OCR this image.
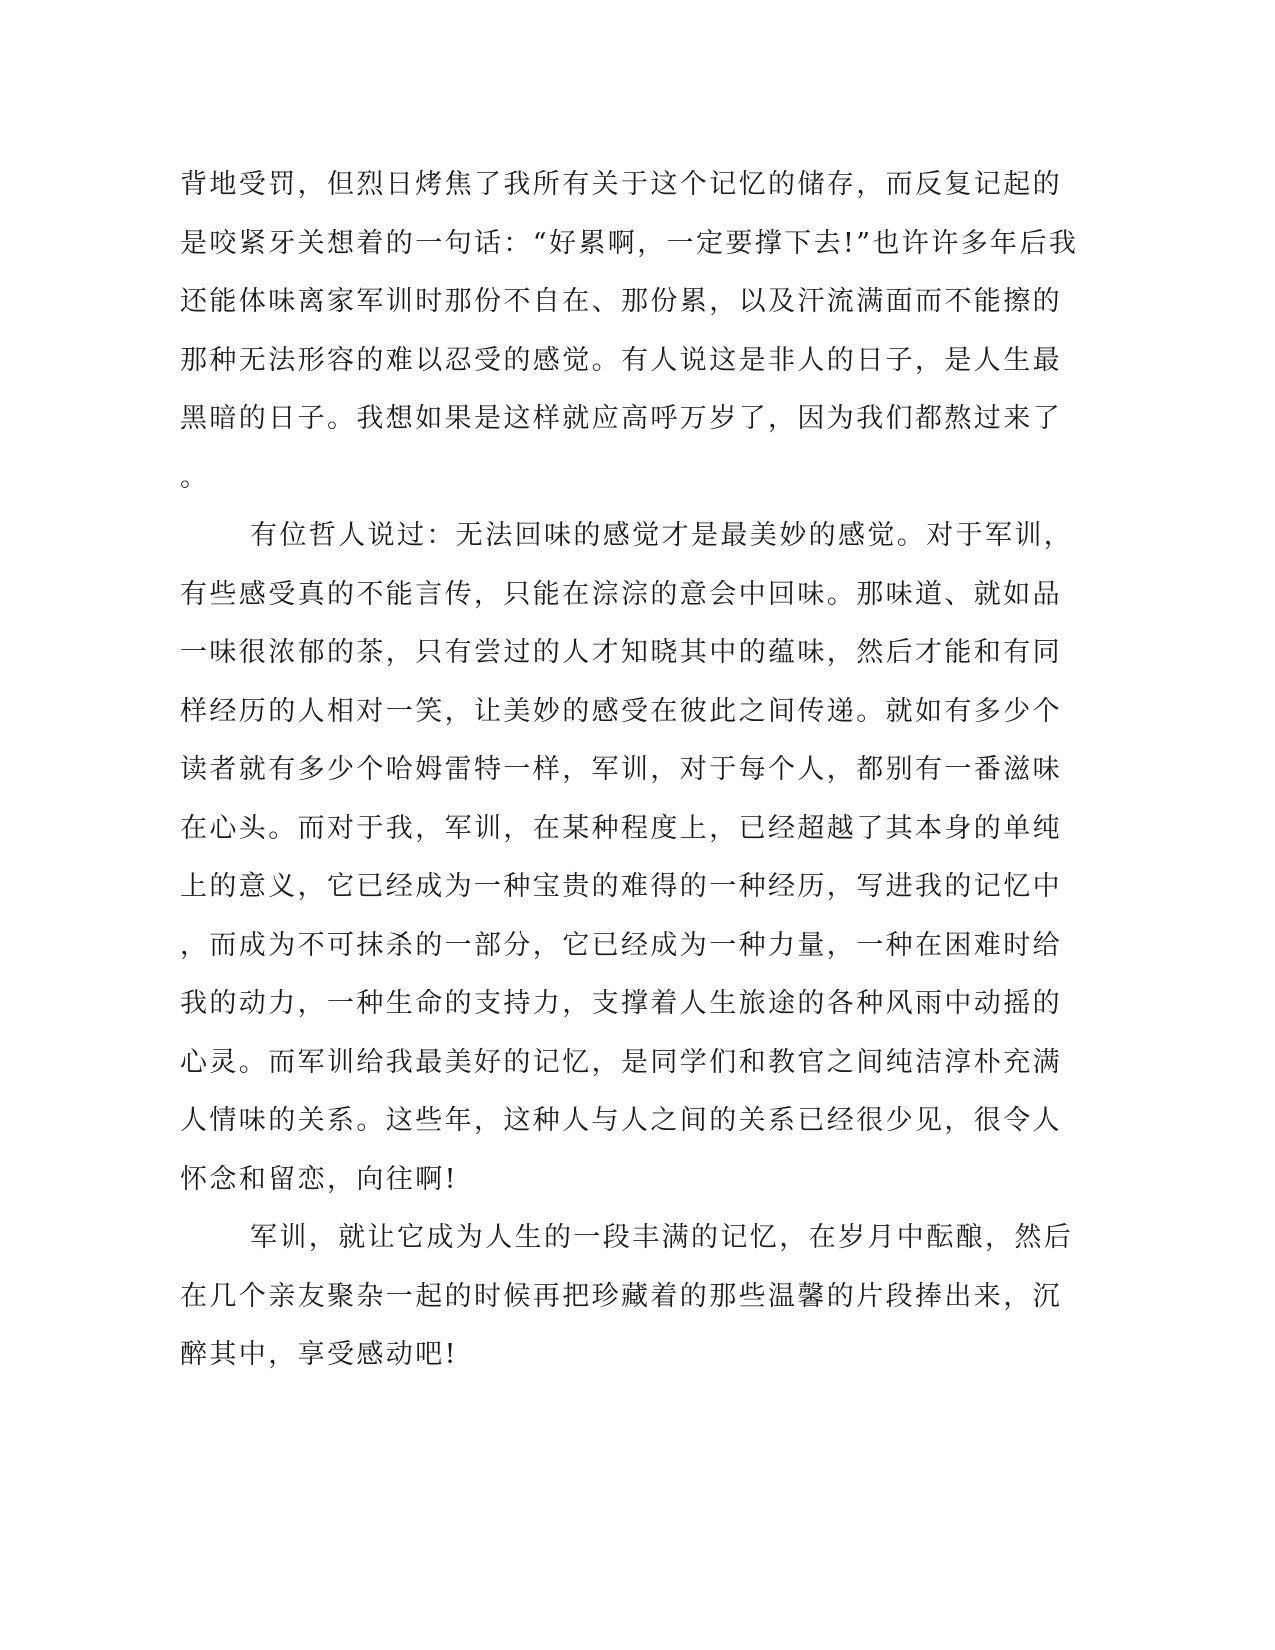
背地受罚，但烈日烤焦了我所有关于这个记忆的储存，而反复记起的
是咬紧牙关想着的一句话：“好累啊，一定要撑下去!”也许许多年后我
还能体味离家军训时那份不自在、那份累，以及汗流满面而不能擦的
那种无法形容的难以忍受的感觉。有人说这是非人的日子，是人生最
黑暗的日子。我想如果是这样就应高呼万岁了，因为我们都熬过来了
。
有位哲人说过：无法回味的感觉才是最美妙的感觉。对于军训，
有些感受真的不能言传，只能在淙淙的意会中回味。那味道、就如品
一味很浓郁的茶，只有尝过的人才知晓其中的蕴味，然后才能和有同
样经历的人相对一笑，让美妙的感受在彼此之间传递。就如有多少个
读者就有多少个哈姆雷特一样，军训，对于每个人，都别有一番滋味
在心头。而对于我，军训，在某种程度上，已经超越了其本身的单纯
上的意义，它已经成为一种宝贵的难得的一种经历，写进我的记忆中
，而成为不可抹杀的一部分，它已经成为一种力量，一种在困难时给
我的动力，一种生命的支持力，支撑着人生旅途的各种风雨中动摇的
心灵。而军训给我最美好的记忆，是同学们和教官之间纯洁淳朴充满
人情味的关系。这些年，这种人与人之间的关系已经很少见，很令人
怀念和留恋，向往啊!
军训，就让它成为人生的一段丰满的记忆，在岁月中酝酿，然后
在几个亲友聚杂一起的时候再把珍藏着的那些温馨的片段捧出来，沉
醉其中，享受感动吧!
